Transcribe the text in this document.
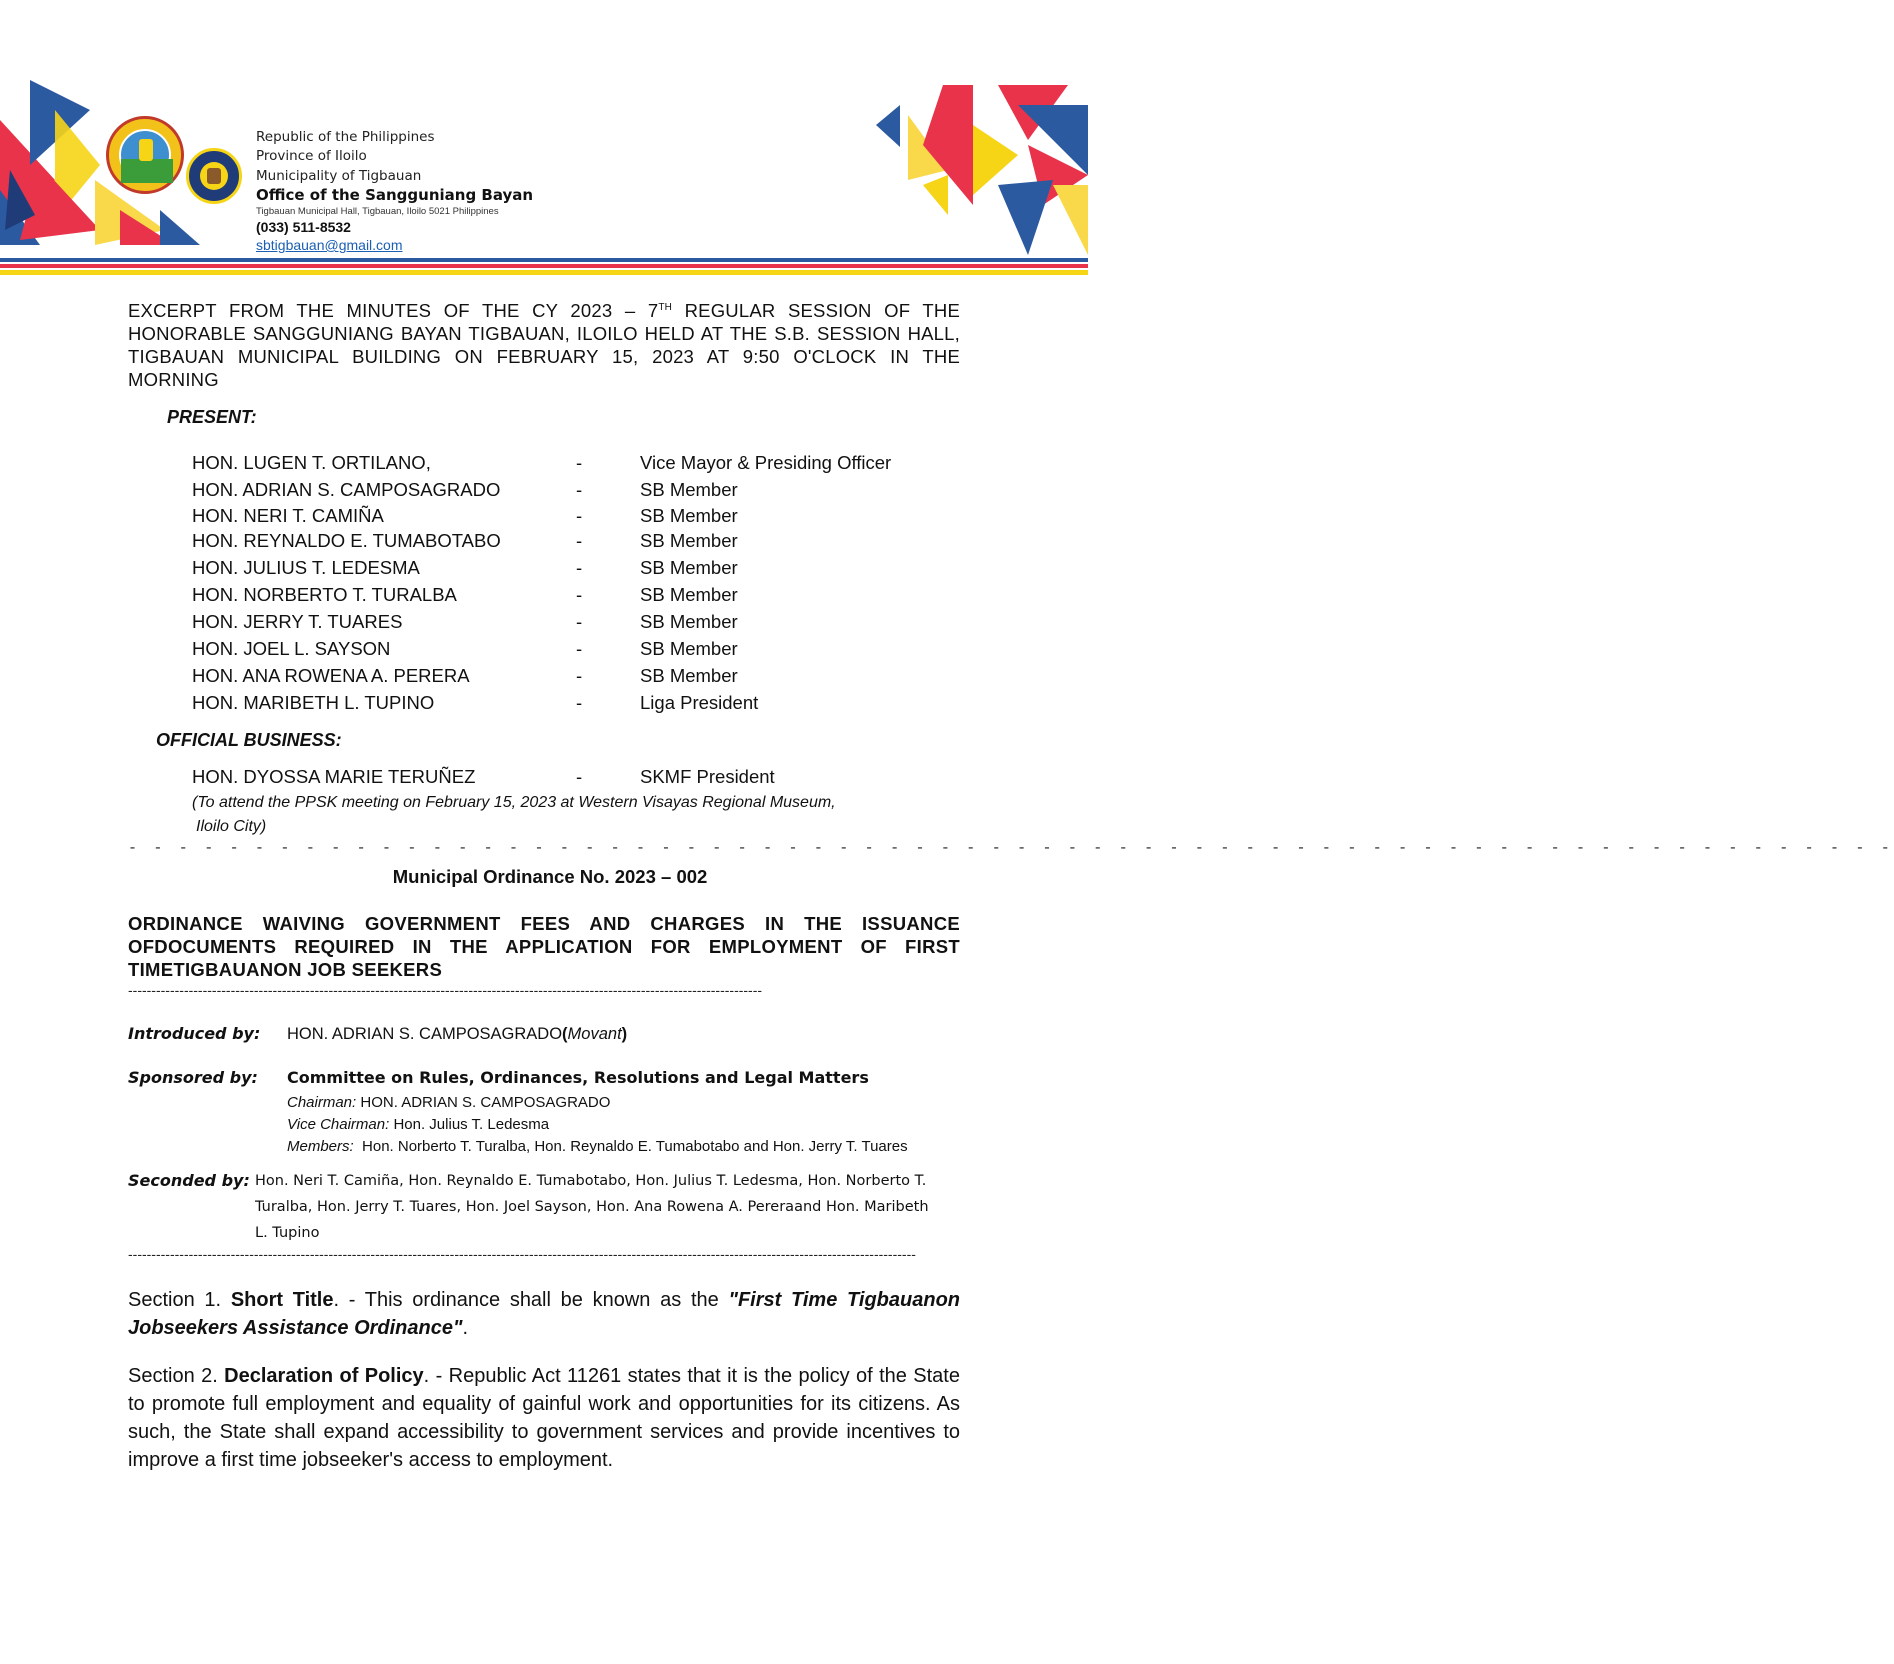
Republic of the Philippines
Province of Iloilo
Municipality of Tigbauan
Office of the Sangguniang Bayan
Tigbauan Municipal Hall, Tigbauan, Iloilo 5021 Philippines
(033) 511-8532
sbtigbauan@gmail.com
EXCERPT FROM THE MINUTES OF THE CY 2023 – 7TH REGULAR SESSION OF THE HONORABLE SANGGUNIANG BAYAN TIGBAUAN, ILOILO HELD AT THE S.B. SESSION HALL, TIGBAUAN MUNICIPAL BUILDING ON FEBRUARY 15, 2023 AT 9:50 O'CLOCK IN THE MORNING
PRESENT:
HON. LUGEN T. ORTILANO,	-	Vice Mayor & Presiding Officer
HON. ADRIAN S. CAMPOSAGRADO	-	SB Member
HON. NERI T. CAMIÑA	-	SB Member
HON. REYNALDO E. TUMABOTABO	-	SB Member
HON. JULIUS T. LEDESMA	-	SB Member
HON. NORBERTO T. TURALBA	-	SB Member
HON. JERRY T. TUARES	-	SB Member
HON. JOEL L. SAYSON	-	SB Member
HON. ANA ROWENA A. PERERA	-	SB Member
HON. MARIBETH L. TUPINO	-	Liga President
OFFICIAL BUSINESS:
HON. DYOSSA MARIE TERUÑEZ	-	SKMF President
(To attend the PPSK meeting on February 15, 2023 at Western Visayas Regional Museum,
Iloilo City)
- - - - - - - - - - - - - - - - - - - - - - - - - - - - - - - - - - - - - - - - - - - - - - - - - - - - - - - - - - - - - - - - - - - - - -
Municipal Ordinance No. 2023 – 002
ORDINANCE WAIVING GOVERNMENT FEES AND CHARGES IN THE ISSUANCE OFDOCUMENTS REQUIRED IN THE APPLICATION FOR EMPLOYMENT OF FIRST TIMETIGBAUANON JOB SEEKERS
----------------------------------------------------------------------------------------------------------------------------------------
Introduced by: HON. ADRIAN S. CAMPOSAGRADO(Movant)
Sponsored by: Committee on Rules, Ordinances, Resolutions and Legal Matters
Chairman: HON. ADRIAN S. CAMPOSAGRADO
Vice Chairman: Hon. Julius T. Ledesma
Members: Hon. Norberto T. Turalba, Hon. Reynaldo E. Tumabotabo and Hon. Jerry T. Tuares
Seconded by: Hon. Neri T. Camiña, Hon. Reynaldo E. Tumabotabo, Hon. Julius T. Ledesma, Hon. Norberto T.
Turalba, Hon. Jerry T. Tuares, Hon. Joel Sayson, Hon. Ana Rowena A. Pereraand Hon. Maribeth
L. Tupino
-------------------------------------------------------------------------------------------------------------------------------------------------------------------------
Section 1. Short Title. - This ordinance shall be known as the "First Time Tigbauanon Jobseekers Assistance Ordinance".
Section 2. Declaration of Policy. - Republic Act 11261 states that it is the policy of the State to promote full employment and equality of gainful work and opportunities for its citizens. As such, the State shall expand accessibility to government services and provide incentives to improve a first time jobseeker's access to employment.
